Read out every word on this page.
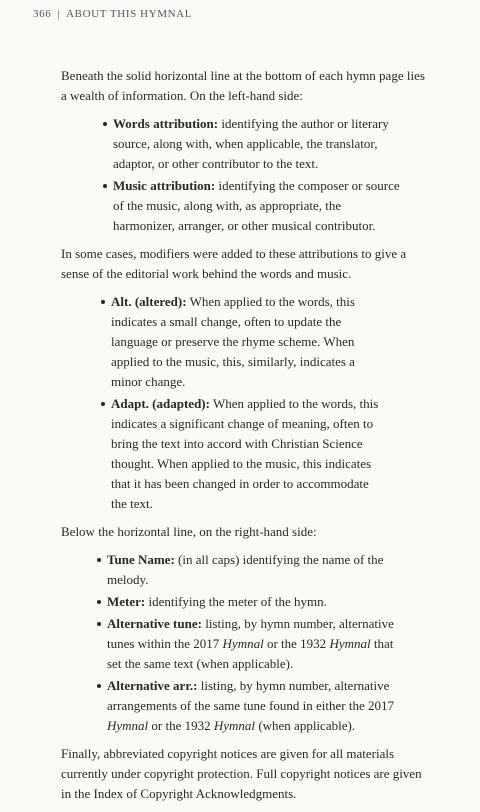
366 | ABOUT THIS HYMNAL

Beneath the solid horizontal line at the bottom of each hymn page lies a wealth of information. On the left-hand side:

Words attribution: identifying the author or literary source, along with, when applicable, the translator, adaptor, or other contributor to the text.
Music attribution: identifying the composer or source of the music, along with, as appropriate, the harmonizer, arranger, or other musical contributor.

In some cases, modifiers were added to these attributions to give a sense of the editorial work behind the words and music.

Alt. (altered): When applied to the words, this indicates a small change, often to update the language or preserve the rhyme scheme. When applied to the music, this, similarly, indicates a minor change.
Adapt. (adapted): When applied to the words, this indicates a significant change of meaning, often to bring the text into accord with Christian Science thought. When applied to the music, this indicates that it has been changed in order to accommodate the text.

Below the horizontal line, on the right-hand side:

Tune Name: (in all caps) identifying the name of the melody.
Meter: identifying the meter of the hymn.
Alternative tune: listing, by hymn number, alternative tunes within the 2017 Hymnal or the 1932 Hymnal that set the same text (when applicable).
Alternative arr.: listing, by hymn number, alternative arrangements of the same tune found in either the 2017 Hymnal or the 1932 Hymnal (when applicable).

Finally, abbreviated copyright notices are given for all materials currently under copyright protection. Full copyright notices are given in the Index of Copyright Acknowledgments.
